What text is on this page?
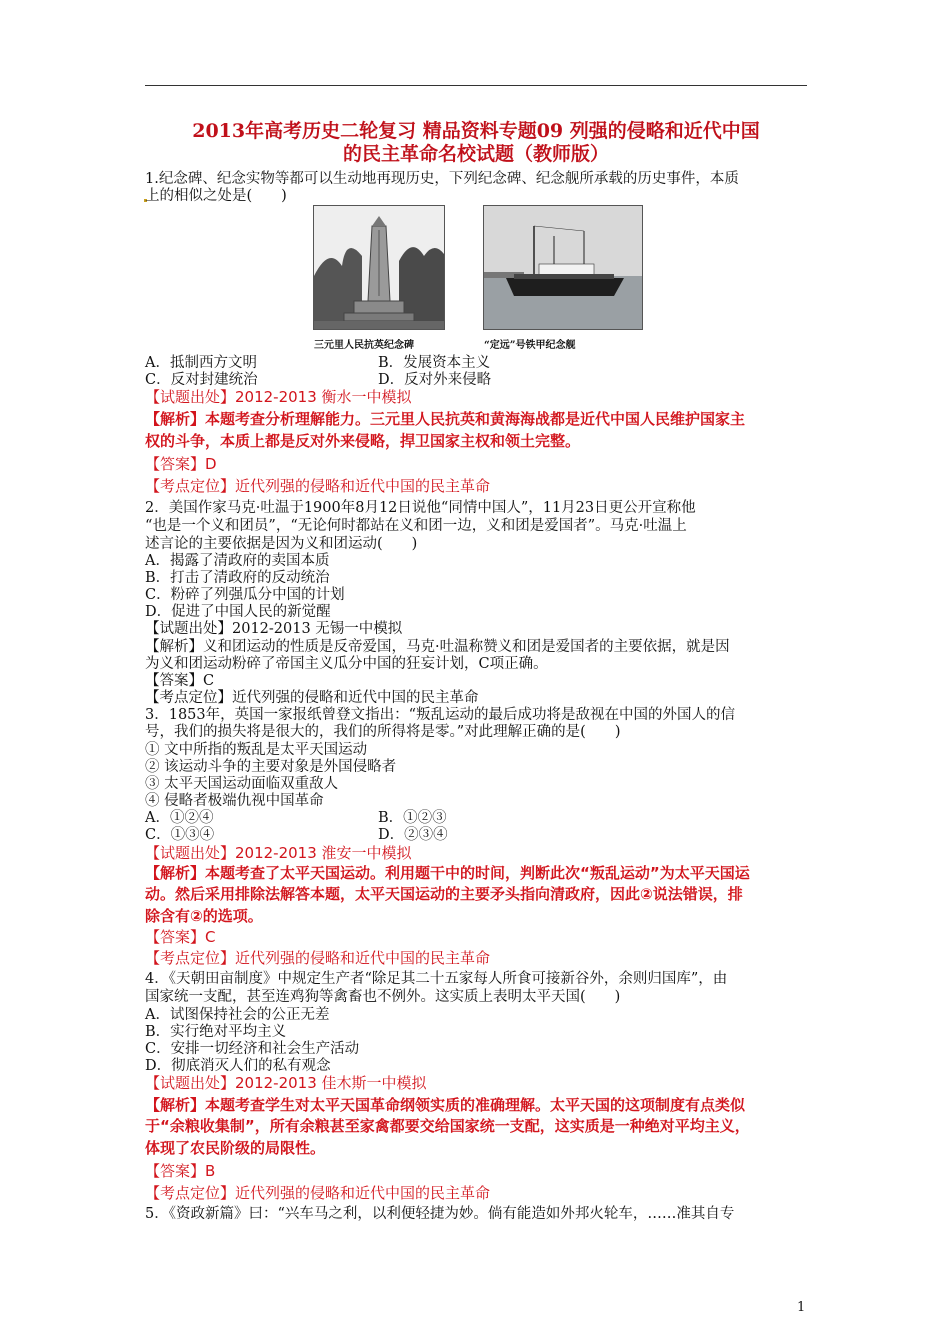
2013年高考历史二轮复习 精品资料专题09 列强的侵略和近代中国
的民主革命名校试题（教师版）
1.纪念碑、纪念实物等都可以生动地再现历史，下列纪念碑、纪念舰所承载的历史事件，本质
上的相似之处是(　　)
三元里人民抗英纪念碑	“定远”号铁甲纪念舰
A．抵制西方文明	B．发展资本主义
C．反对封建统治	D．反对外来侵略
【试题出处】2012-2013 衡水一中模拟
【解析】本题考查分析理解能力。三元里人民抗英和黄海海战都是近代中国人民维护国家主
权的斗争，本质上都是反对外来侵略，捍卫国家主权和领土完整。
【答案】D
【考点定位】近代列强的侵略和近代中国的民主革命
2．美国作家马克·吐温于1900年8月12日说他“同情中国人”，11月23日更公开宣称他
“也是一个义和团员”，“无论何时都站在义和团一边，义和团是爱国者”。马克·吐温上
述言论的主要依据是因为义和团运动(　　)
A．揭露了清政府的卖国本质
B．打击了清政府的反动统治
C．粉碎了列强瓜分中国的计划
D．促进了中国人民的新觉醒
【试题出处】2012-2013 无锡一中模拟
【解析】义和团运动的性质是反帝爱国，马克·吐温称赞义和团是爱国者的主要依据，就是因
为义和团运动粉碎了帝国主义瓜分中国的狂妄计划，C项正确。
【答案】C
【考点定位】近代列强的侵略和近代中国的民主革命
3．1853年，英国一家报纸曾登文指出：“叛乱运动的最后成功将是敌视在中国的外国人的信
号，我们的损失将是很大的，我们的所得将是零。”对此理解正确的是(　　)
① 文中所指的叛乱是太平天国运动
② 该运动斗争的主要对象是外国侵略者
③ 太平天国运动面临双重敌人
④ 侵略者极端仇视中国革命
A．①②④	B．①②③
C．①③④	D．②③④
【试题出处】2012-2013 淮安一中模拟
【解析】本题考查了太平天国运动。利用题干中的时间，判断此次“叛乱运动”为太平天国运
动。然后采用排除法解答本题，太平天国运动的主要矛头指向清政府，因此②说法错误，排
除含有②的选项。
【答案】C
【考点定位】近代列强的侵略和近代中国的民主革命
4．《天朝田亩制度》中规定生产者“除足其二十五家每人所食可接新谷外，余则归国库”，由
国家统一支配，甚至连鸡狗等禽畜也不例外。这实质上表明太平天国(　　)
A．试图保持社会的公正无差
B．实行绝对平均主义
C．安排一切经济和社会生产活动
D．彻底消灭人们的私有观念
【试题出处】2012-2013 佳木斯一中模拟
【解析】本题考查学生对太平天国革命纲领实质的准确理解。太平天国的这项制度有点类似
于“余粮收集制”，所有余粮甚至家禽都要交给国家统一支配，这实质是一种绝对平均主义，
体现了农民阶级的局限性。
【答案】B
【考点定位】近代列强的侵略和近代中国的民主革命
5．《资政新篇》曰：“兴车马之利，以利便轻捷为妙。倘有能造如外邦火轮车，……准其自专
1
